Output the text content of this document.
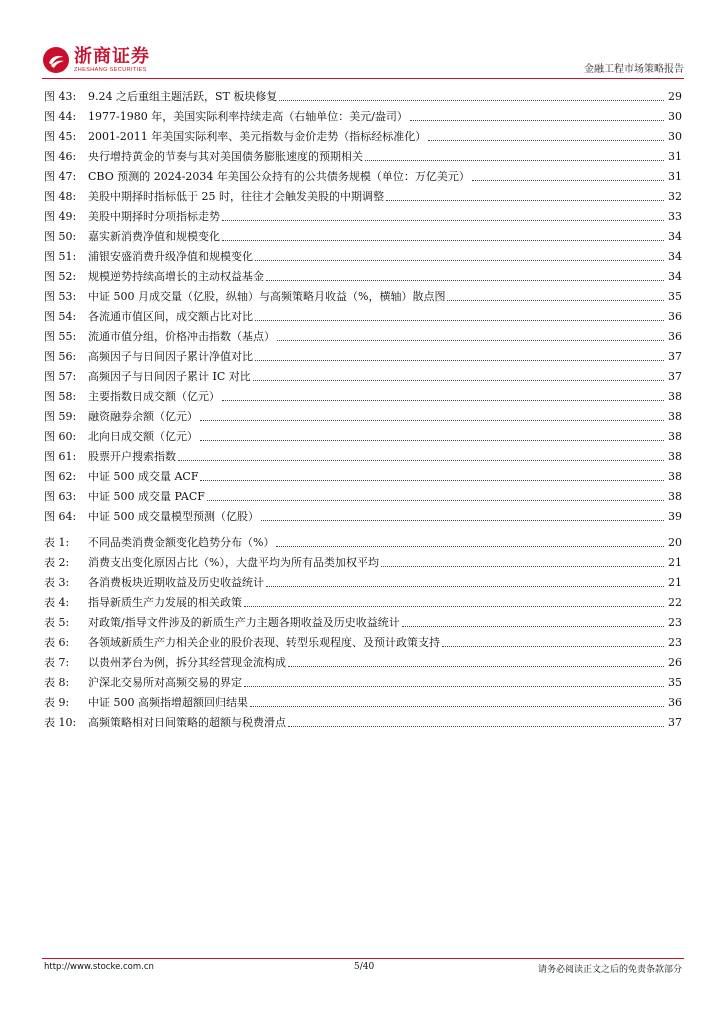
浙商证券
ZHESHANG SECURITIES	金融工程市场策略报告
图 43:	9.24 之后重组主题活跃，ST 板块修复	29
图 44:	1977-1980 年，美国实际利率持续走高（右轴单位：美元/盎司）	30
图 45:	2001-2011 年美国实际利率、美元指数与金价走势（指标经标准化）	30
图 46:	央行增持黄金的节奏与其对美国债务膨胀速度的预期相关	31
图 47:	CBO 预测的 2024-2034 年美国公众持有的公共债务规模（单位：万亿美元）	31
图 48:	美股中期择时指标低于 25 时，往往才会触发美股的中期调整	32
图 49:	美股中期择时分项指标走势	33
图 50:	嘉实新消费净值和规模变化	34
图 51:	浦银安盛消费升级净值和规模变化	34
图 52:	规模逆势持续高增长的主动权益基金	34
图 53:	中证 500 月成交量（亿股，纵轴）与高频策略月收益（%，横轴）散点图	35
图 54:	各流通市值区间，成交额占比对比	36
图 55:	流通市值分组，价格冲击指数（基点）	36
图 56:	高频因子与日间因子累计净值对比	37
图 57:	高频因子与日间因子累计 IC 对比	37
图 58:	主要指数日成交额（亿元）	38
图 59:	融资融券余额（亿元）	38
图 60:	北向日成交额（亿元）	38
图 61:	股票开户搜索指数	38
图 62:	中证 500 成交量 ACF	38
图 63:	中证 500 成交量 PACF	38
图 64:	中证 500 成交量模型预测（亿股）	39
表 1:	不同品类消费金额变化趋势分布（%）	20
表 2:	消费支出变化原因占比（%），大盘平均为所有品类加权平均	21
表 3:	各消费板块近期收益及历史收益统计	21
表 4:	指导新质生产力发展的相关政策	22
表 5:	对政策/指导文件涉及的新质生产力主题各期收益及历史收益统计	23
表 6:	各领域新质生产力相关企业的股价表现、转型乐观程度、及预计政策支持	23
表 7:	以贵州茅台为例，拆分其经营现金流构成	26
表 8:	沪深北交易所对高频交易的界定	35
表 9:	中证 500 高频指增超额回归结果	36
表 10:	高频策略相对日间策略的超额与税费滑点	37
http://www.stocke.com.cn	5/40	请务必阅读正文之后的免责条款部分
